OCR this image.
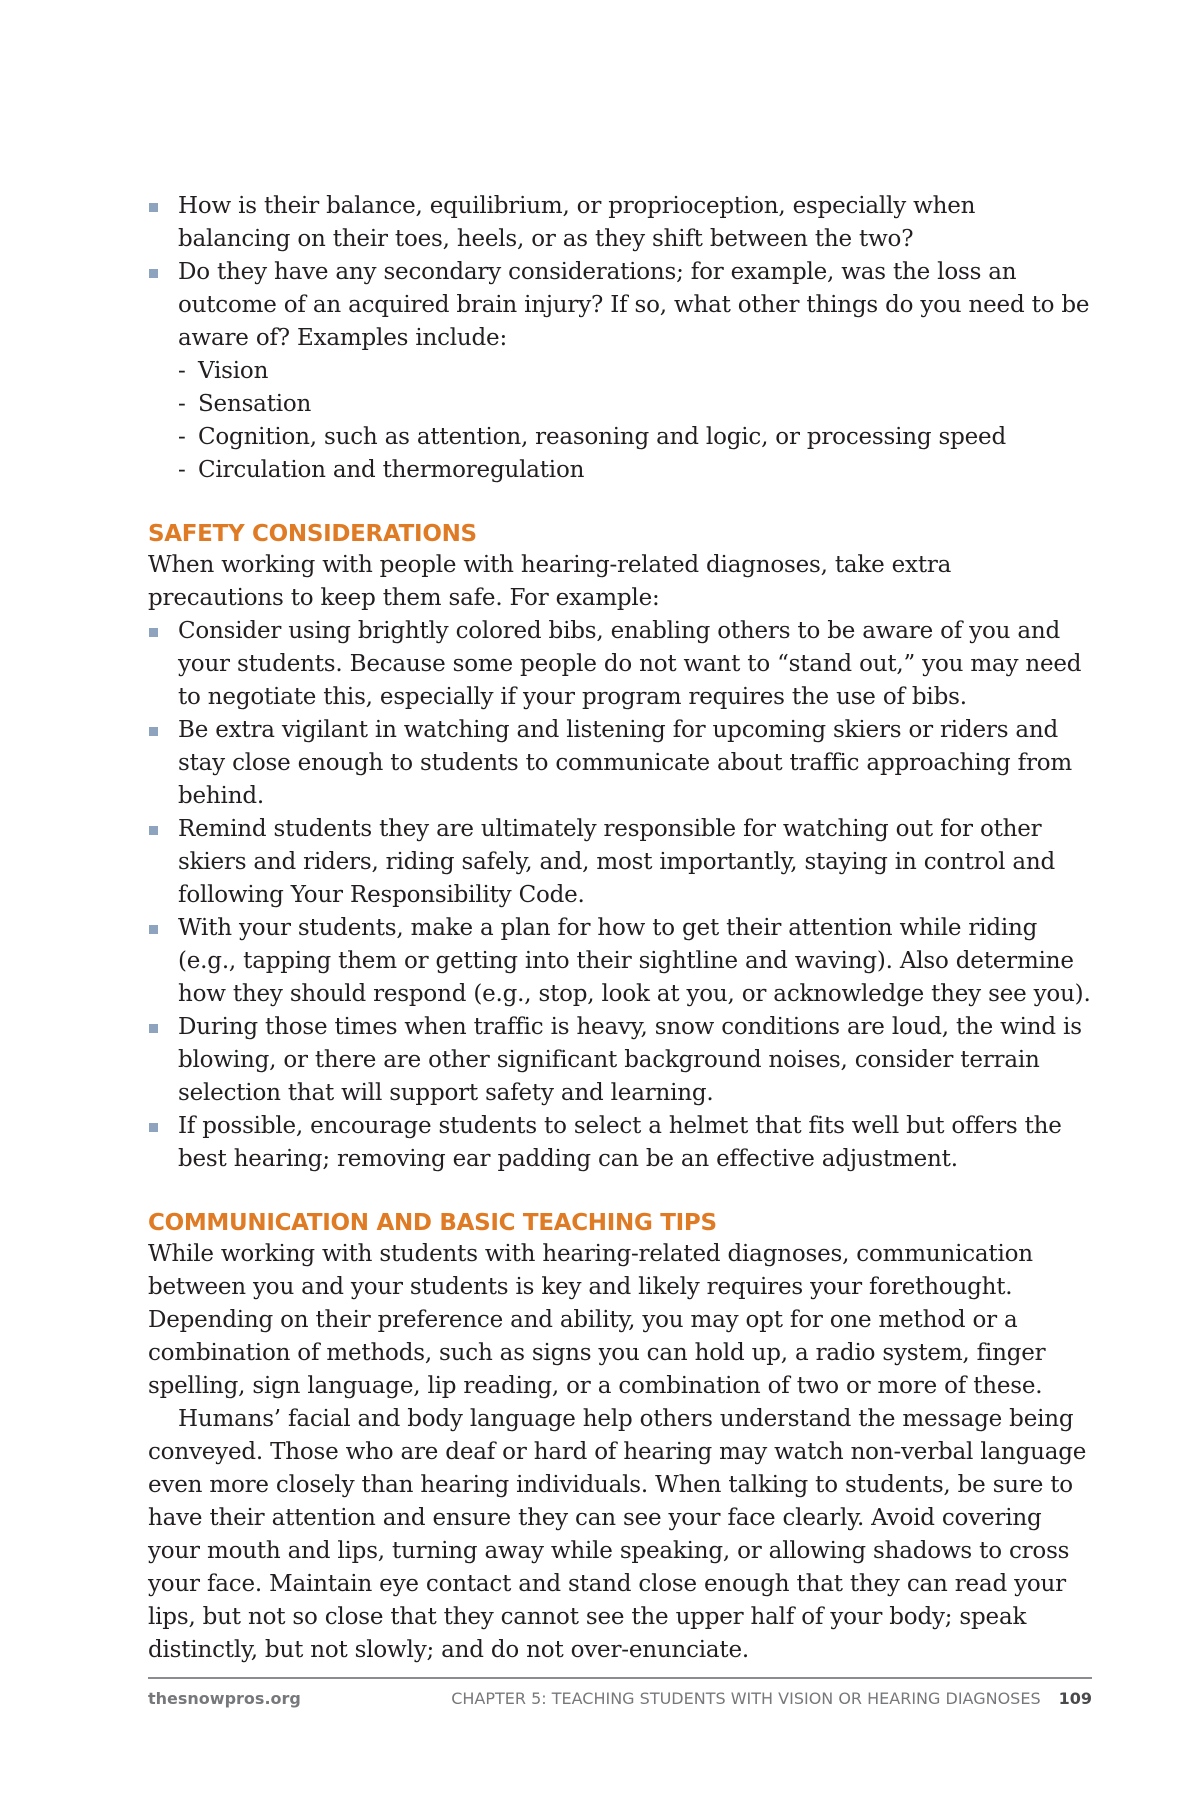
How is their balance, equilibrium, or proprioception, especially when balancing on their toes, heels, or as they shift between the two?
Do they have any secondary considerations; for example, was the loss an outcome of an acquired brain injury? If so, what other things do you need to be aware of? Examples include:
- Vision
- Sensation
- Cognition, such as attention, reasoning and logic, or processing speed
- Circulation and thermoregulation
SAFETY CONSIDERATIONS

When working with people with hearing-related diagnoses, take extra precautions to keep them safe. For example:

Consider using brightly colored bibs, enabling others to be aware of you and your students. Because some people do not want to “stand out,” you may need to negotiate this, especially if your program requires the use of bibs.
Be extra vigilant in watching and listening for upcoming skiers or riders and stay close enough to students to communicate about traffic approaching from behind.
Remind students they are ultimately responsible for watching out for other skiers and riders, riding safely, and, most importantly, staying in control and following Your Responsibility Code.
With your students, make a plan for how to get their attention while riding (e.g., tapping them or getting into their sightline and waving). Also determine how they should respond (e.g., stop, look at you, or acknowledge they see you).
During those times when traffic is heavy, snow conditions are loud, the wind is blowing, or there are other significant background noises, consider terrain selection that will support safety and learning.
If possible, encourage students to select a helmet that fits well but offers the best hearing; removing ear padding can be an effective adjustment.
COMMUNICATION AND BASIC TEACHING TIPS

While working with students with hearing-related diagnoses, communication between you and your students is key and likely requires your forethought. Depending on their preference and ability, you may opt for one method or a combination of methods, such as signs you can hold up, a radio system, finger spelling, sign language, lip reading, or a combination of two or more of these.

Humans’ facial and body language help others understand the message being conveyed. Those who are deaf or hard of hearing may watch non-verbal language even more closely than hearing individuals. When talking to students, be sure to have their attention and ensure they can see your face clearly. Avoid covering your mouth and lips, turning away while speaking, or allowing shadows to cross your face. Maintain eye contact and stand close enough that they can read your lips, but not so close that they cannot see the upper half of your body; speak distinctly, but not slowly; and do not over-enunciate.

thesnowpros.org	CHAPTER 5: TEACHING STUDENTS WITH VISION OR HEARING DIAGNOSES 109
